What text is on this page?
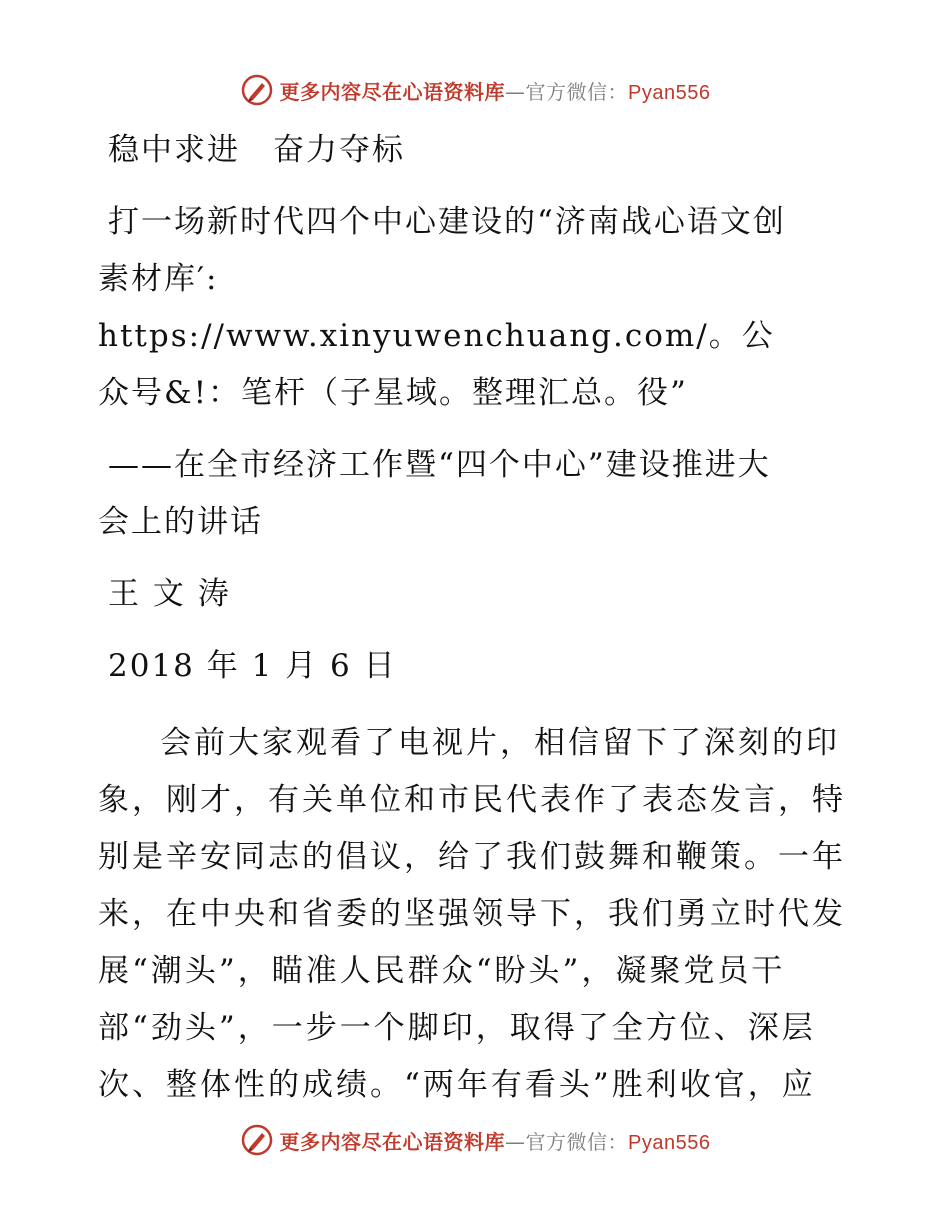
更多内容尽在心语资料库—官方微信：Pyan556

稳中求进　奋力夺标

打一场新时代四个中心建设的“济南战心语文创

素材库′: https://www.xinyuwenchuang.com/。公

众号&!：笔杆（子星域。整理汇总。役”

——在全市经济工作暨“四个中心”建设推进大

会上的讲话

王 文 涛

2018 年 1 月 6 日

会前大家观看了电视片，相信留下了深刻的印象，刚才，有关单位和市民代表作了表态发言，特别是辛安同志的倡议，给了我们鼓舞和鞭策。一年来，在中央和省委的坚强领导下，我们勇立时代发展“潮头”，瞄准人民群众“盼头”，凝聚党员干部“劲头”，一步一个脚印，取得了全方位、深层次、整体性的成绩。“两年有看头”胜利收官，应

更多内容尽在心语资料库—官方微信：Pyan556
